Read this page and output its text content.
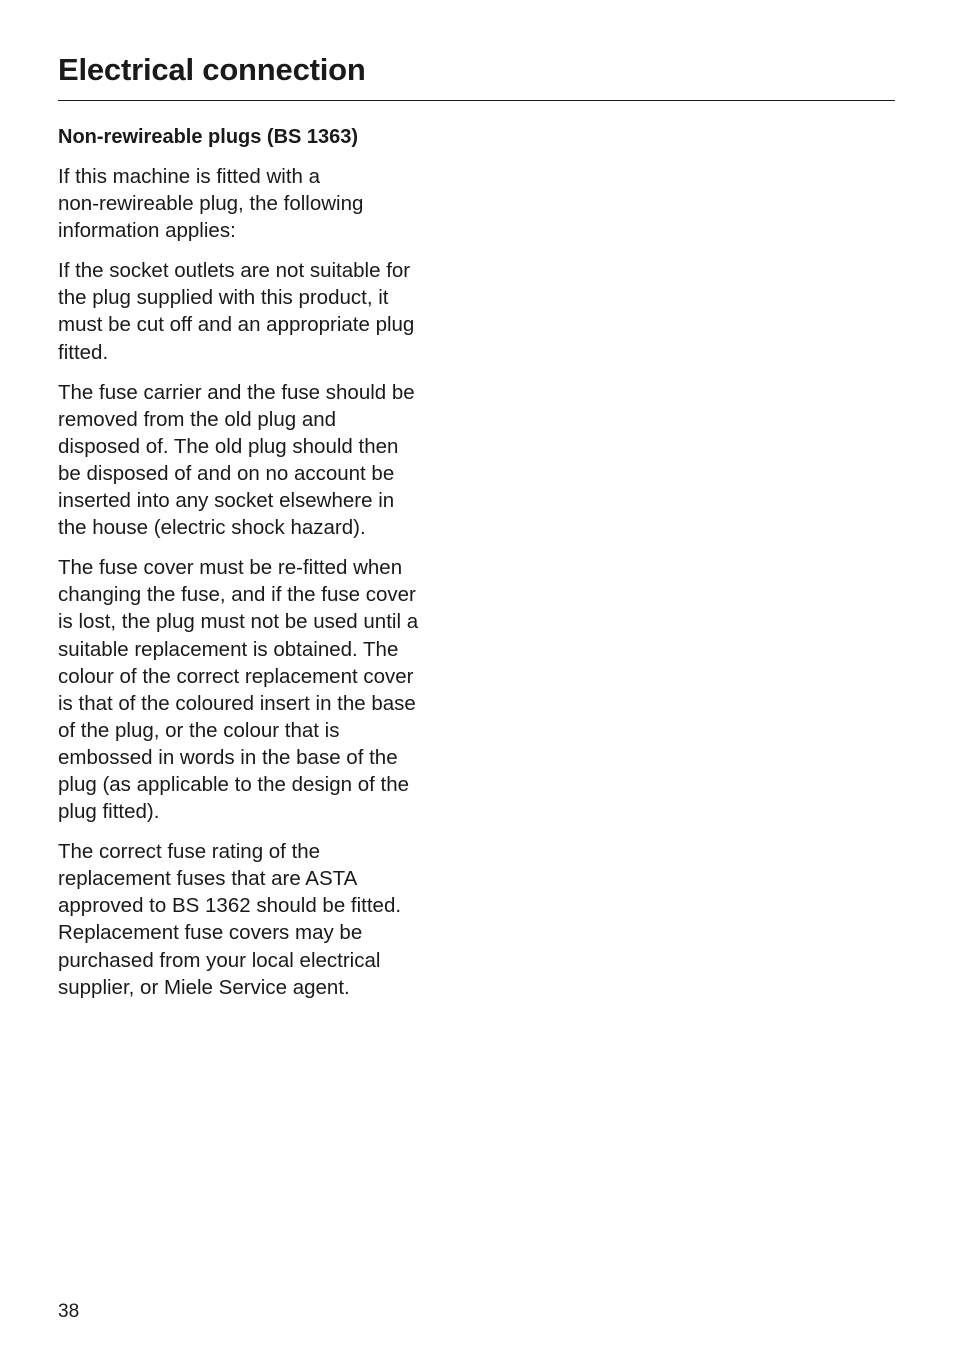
Electrical connection
Non-rewireable plugs (BS 1363)

If this machine is fitted with a
non-rewireable plug, the following
information applies:

If the socket outlets are not suitable for
the plug supplied with this product, it
must be cut off and an appropriate plug
fitted.

The fuse carrier and the fuse should be
removed from the old plug and
disposed of. The old plug should then
be disposed of and on no account be
inserted into any socket elsewhere in
the house (electric shock hazard).

The fuse cover must be re-fitted when
changing the fuse, and if the fuse cover
is lost, the plug must not be used until a
suitable replacement is obtained. The
colour of the correct replacement cover
is that of the coloured insert in the base
of the plug, or the colour that is
embossed in words in the base of the
plug (as applicable to the design of the
plug fitted).

The correct fuse rating of the
replacement fuses that are ASTA
approved to BS 1362 should be fitted.
Replacement fuse covers may be
purchased from your local electrical
supplier, or Miele Service agent.

38
